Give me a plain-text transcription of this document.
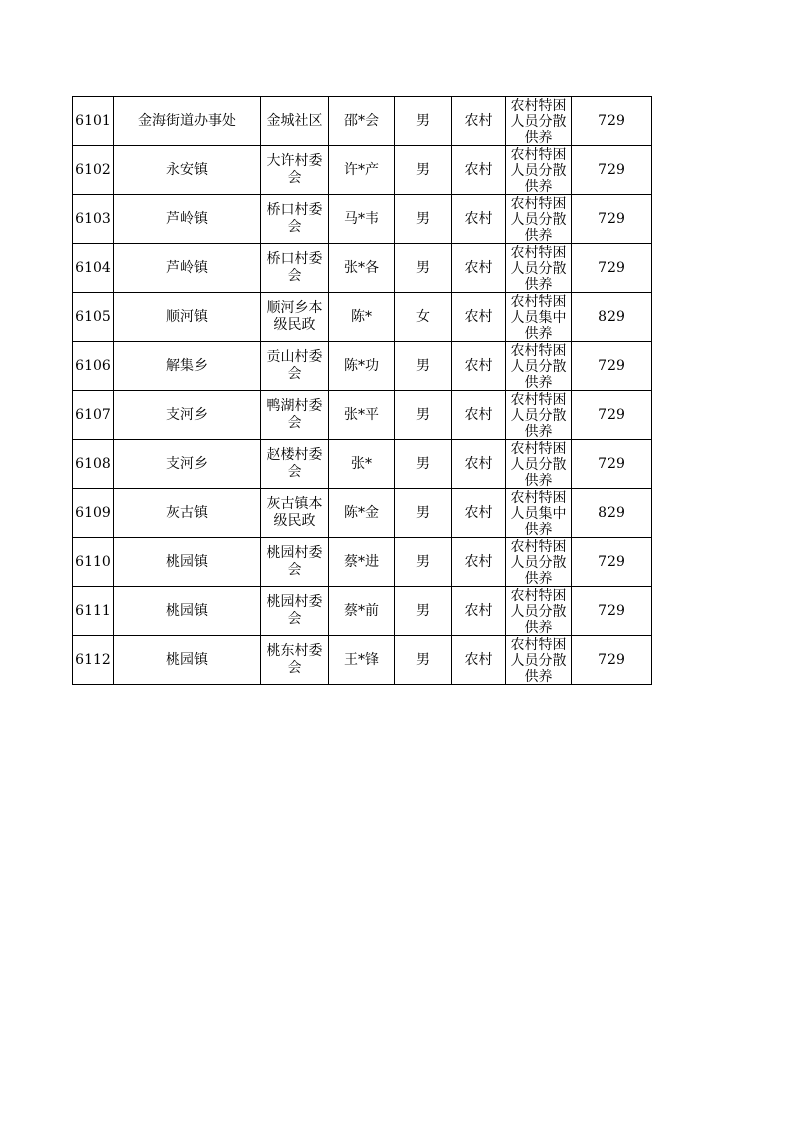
6101	金海街道办事处	金城社区	邵*会	男	农村	农村特困人员分散供养	729
6102	永安镇	大许村委会	许*产	男	农村	农村特困人员分散供养	729
6103	芦岭镇	桥口村委会	马*韦	男	农村	农村特困人员分散供养	729
6104	芦岭镇	桥口村委会	张*各	男	农村	农村特困人员分散供养	729
6105	顺河镇	顺河乡本级民政	陈*	女	农村	农村特困人员集中供养	829
6106	解集乡	贡山村委会	陈*功	男	农村	农村特困人员分散供养	729
6107	支河乡	鸭湖村委会	张*平	男	农村	农村特困人员分散供养	729
6108	支河乡	赵楼村委会	张*	男	农村	农村特困人员分散供养	729
6109	灰古镇	灰古镇本级民政	陈*金	男	农村	农村特困人员集中供养	829
6110	桃园镇	桃园村委会	蔡*进	男	农村	农村特困人员分散供养	729
6111	桃园镇	桃园村委会	蔡*前	男	农村	农村特困人员分散供养	729
6112	桃园镇	桃东村委会	王*锋	男	农村	农村特困人员分散供养	729
